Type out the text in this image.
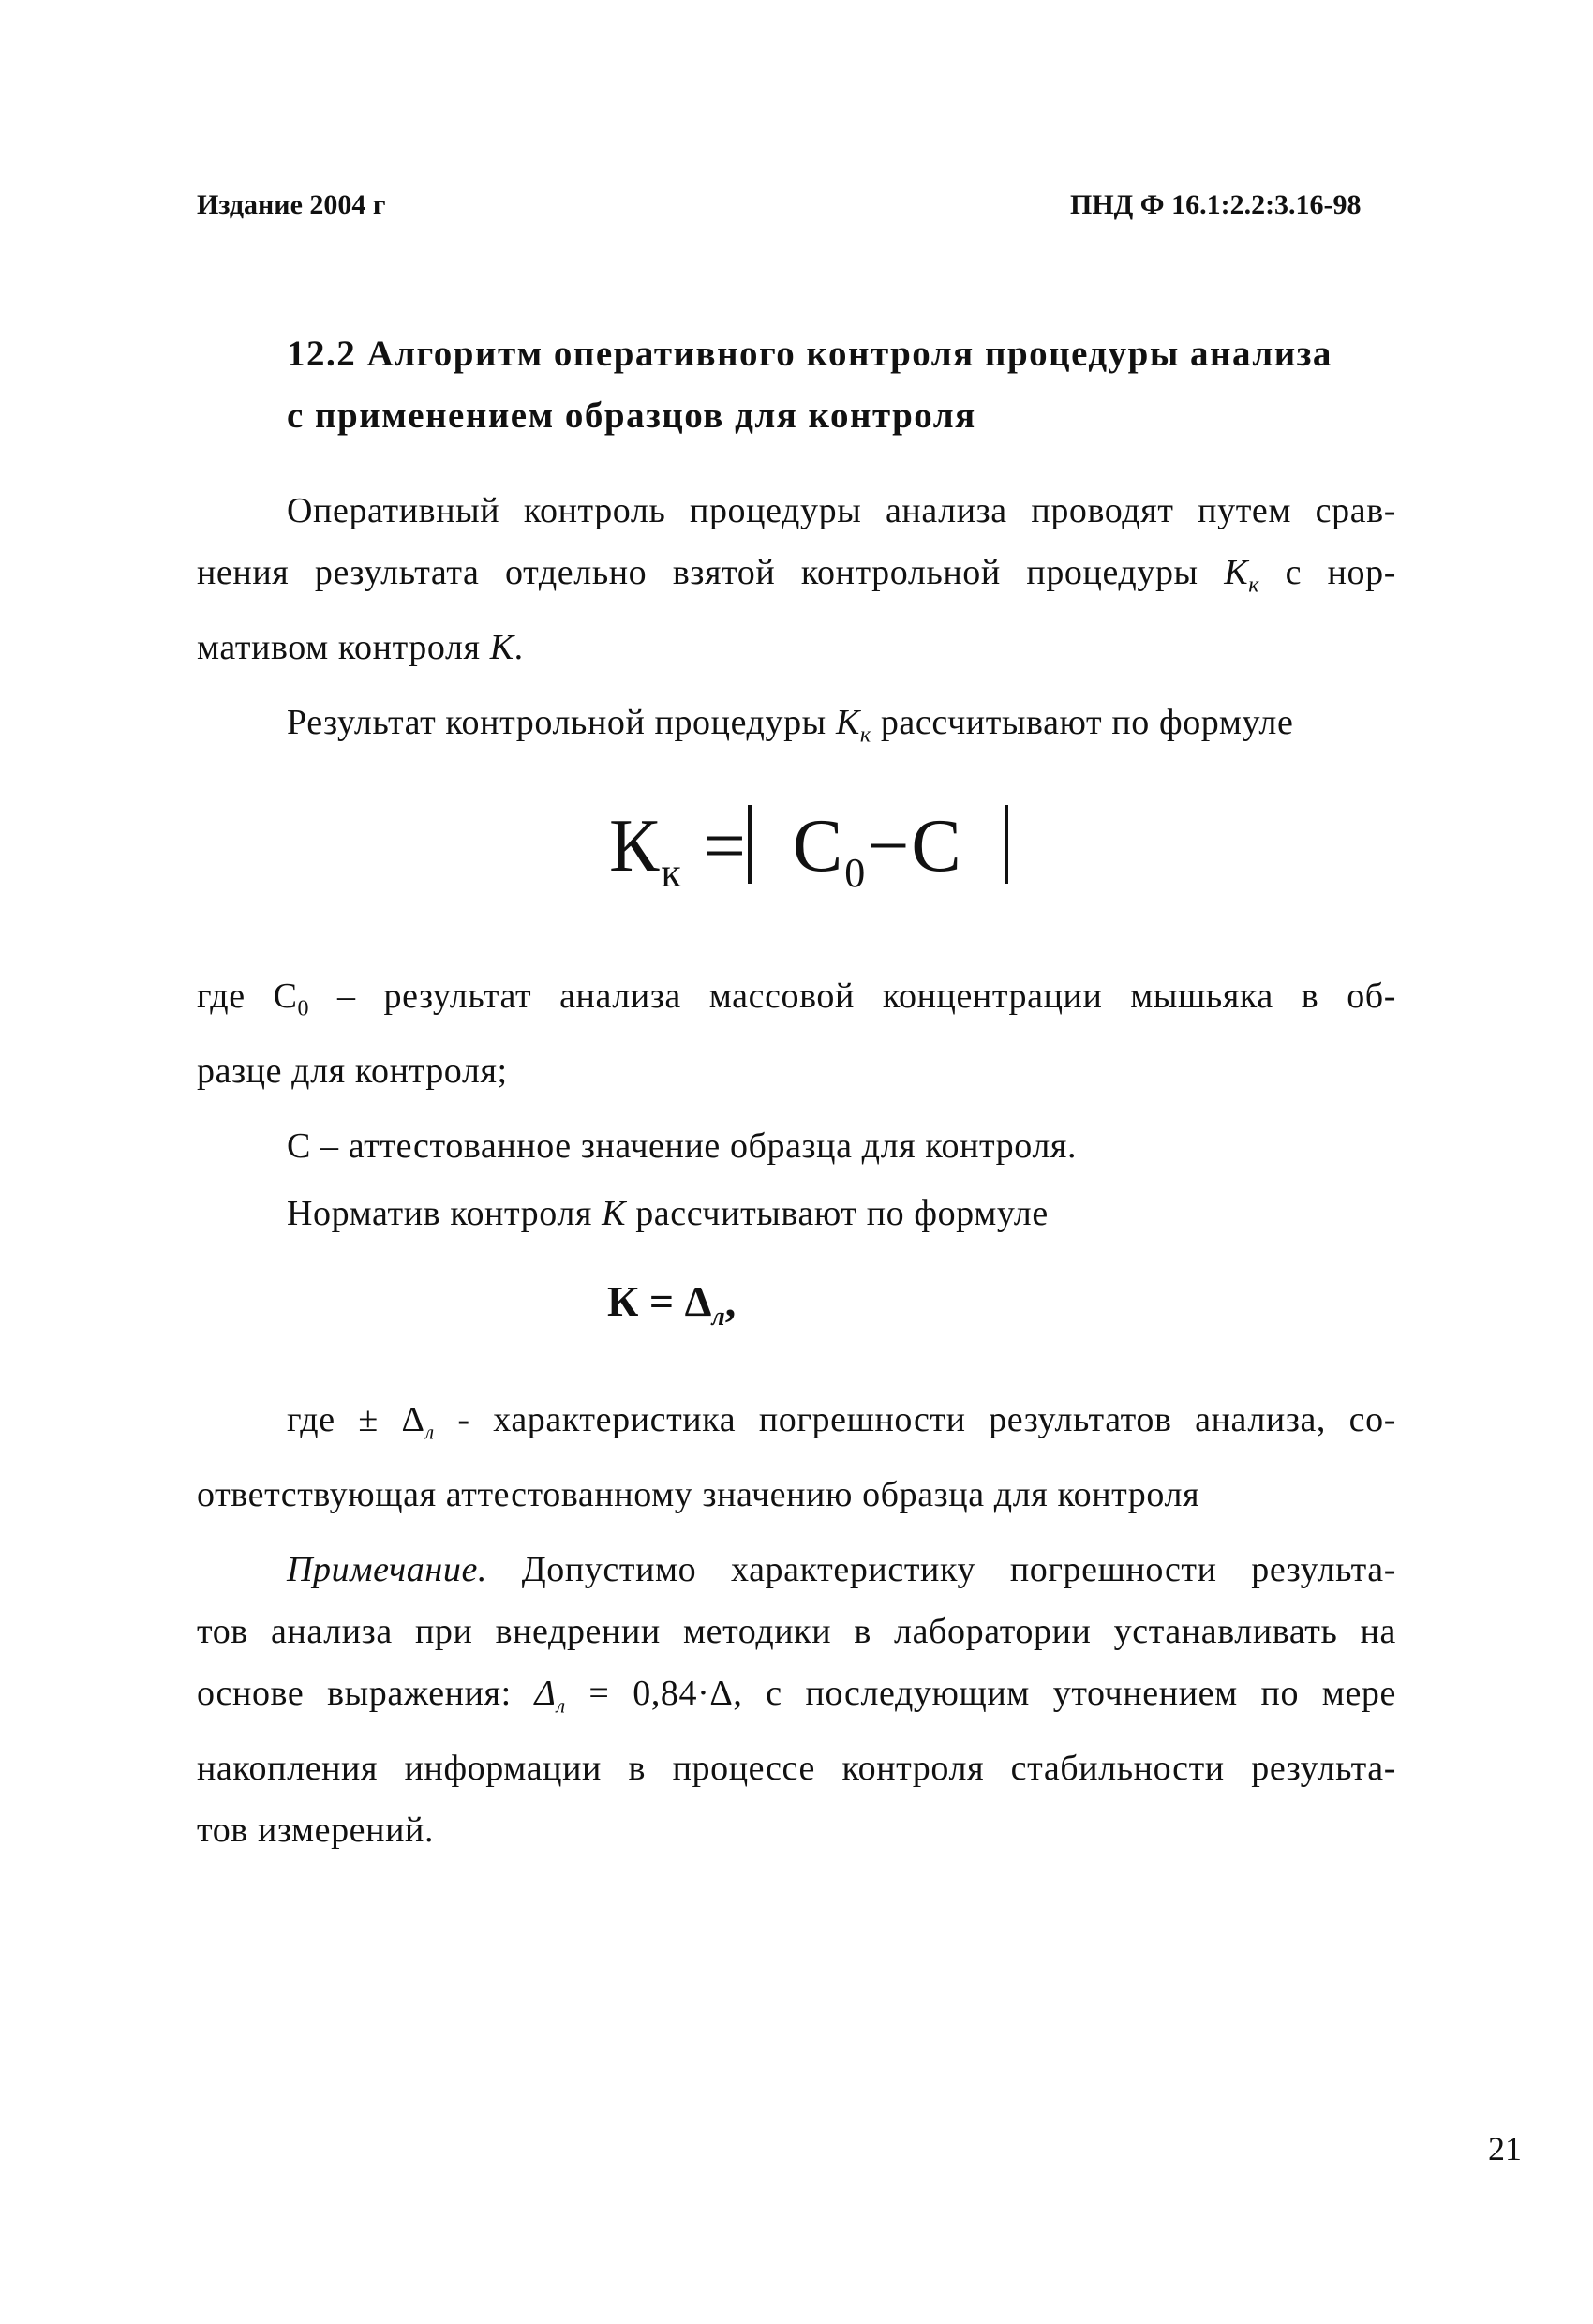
Издание 2004 г	ПНД Ф 16.1:2.2:3.16-98
12.2 Алгоритм оперативного контроля процедуры анализа
с применением образцов для контроля
Оперативный контроль процедуры анализа проводят путем срав-
нения результата отдельно взятой контрольной процедуры $K_к$ с нор-
мативом контроля K.
Результат контрольной процедуры $K_к$ рассчитывают по формуле
$К_к = С_0-С$
где $С_0$ – результат анализа массовой концентрации мышьяка в об-
разце для контроля;
С – аттестованное значение образца для контроля.
Норматив контроля K рассчитывают по формуле
$К = \Delta_л$,
где ± $\Delta_л$ - характеристика погрешности результатов анализа, со-
ответствующая аттестованному значению образца для контроля
Примечание. Допустимо характеристику погрешности результа-
тов анализа при внедрении методики в лаборатории устанавливать на
основе выражения: $\Delta_л = 0,84\cdot\Delta$, с последующим уточнением по мере
накопления информации в процессе контроля стабильности результа-
тов измерений.
21
